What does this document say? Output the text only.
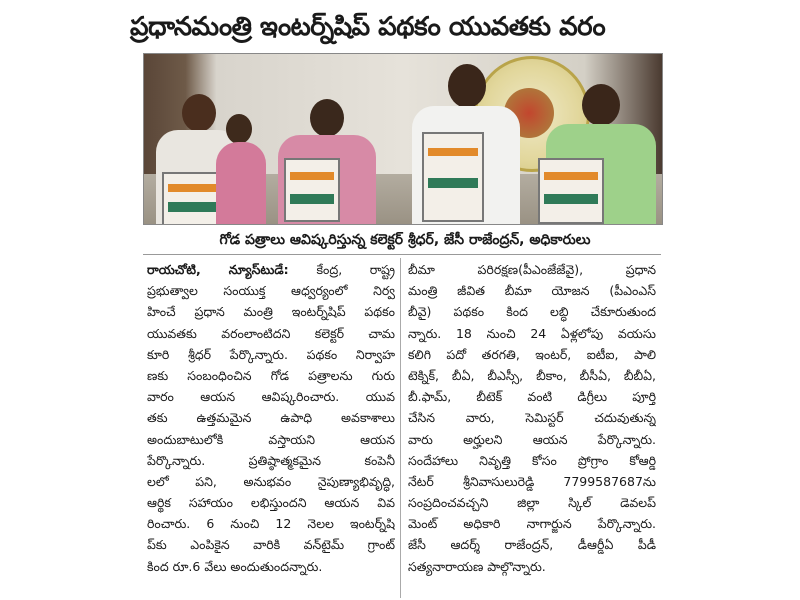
ప్రధానమంత్రి ఇంటర్న్‌షిప్ పథకం యువతకు వరం
గోడ పత్రాలు ఆవిష్కరిస్తున్న కలెక్టర్ శ్రీధర్, జేసీ రాజేంద్రన్, అధికారులు
రాయచోటి, న్యూస్‌టుడే: కేంద్ర, రాష్ట్ర
ప్రభుత్వాల సంయుక్త ఆధ్వర్యంలో నిర్వ
హించే ప్రధాన మంత్రి ఇంటర్న్‌షిప్ పథకం
యువతకు వరంలాంటిదని కలెక్టర్ చామ
కూరి శ్రీధర్ పేర్కొన్నారు. పథకం నిర్వాహ
ణకు సంబంధించిన గోడ పత్రాలను గురు
వారం ఆయన ఆవిష్కరించారు. యువ
తకు ఉత్తమమైన ఉపాధి అవకాశాలు
అందుబాటులోకి వస్తాయని ఆయన
పేర్కొన్నారు. ప్రతిష్ఠాత్మకమైన కంపెనీ
లలో పని, అనుభవం నైపుణ్యాభివృద్ధి,
ఆర్థిక సహాయం లభిస్తుందని ఆయన వివ
రించారు. 6 నుంచి 12 నెలల ఇంటర్న్‌షి
ప్‌కు ఎంపికైన వారికి వన్‌టైమ్ గ్రాంట్
కింద రూ.6 వేలు అందుతుందన్నారు.
బీమా పరిరక్షణ(పీఎంజేజేవై), ప్రధాన
మంత్రి జీవిత బీమా యోజన (పీఎంఎస్
బీవై) పథకం కింద లబ్ధి చేకూరుతుంద
న్నారు. 18 నుంచి 24 ఏళ్లలోపు వయసు
కలిగి పదో తరగతి, ఇంటర్, ఐటీఐ, పాలి
టెక్నిక్, బీఏ, బీఎస్సీ, బీకాం, బీసీఏ, బీబీఏ,
బీ.ఫామ్, బీటెక్ వంటి డిగ్రీలు పూర్తి
చేసిన వారు, సెమిస్టర్ చదువుతున్న
వారు అర్హులని ఆయన పేర్కొన్నారు.
సందేహాలు నివృత్తి కోసం ప్రోగ్రాం కోఆర్డి
నేటర్ శ్రీనివాసులురెడ్డి 7799587687ను
సంప్రదించవచ్చని జిల్లా స్కిల్ డెవలప్
మెంట్ అధికారి నాగార్జున పేర్కొన్నారు.
జేసీ ఆదర్శ్ రాజేంద్రన్, డీఆర్డీఏ పీడీ
సత్యనారాయణ పాల్గొన్నారు.
